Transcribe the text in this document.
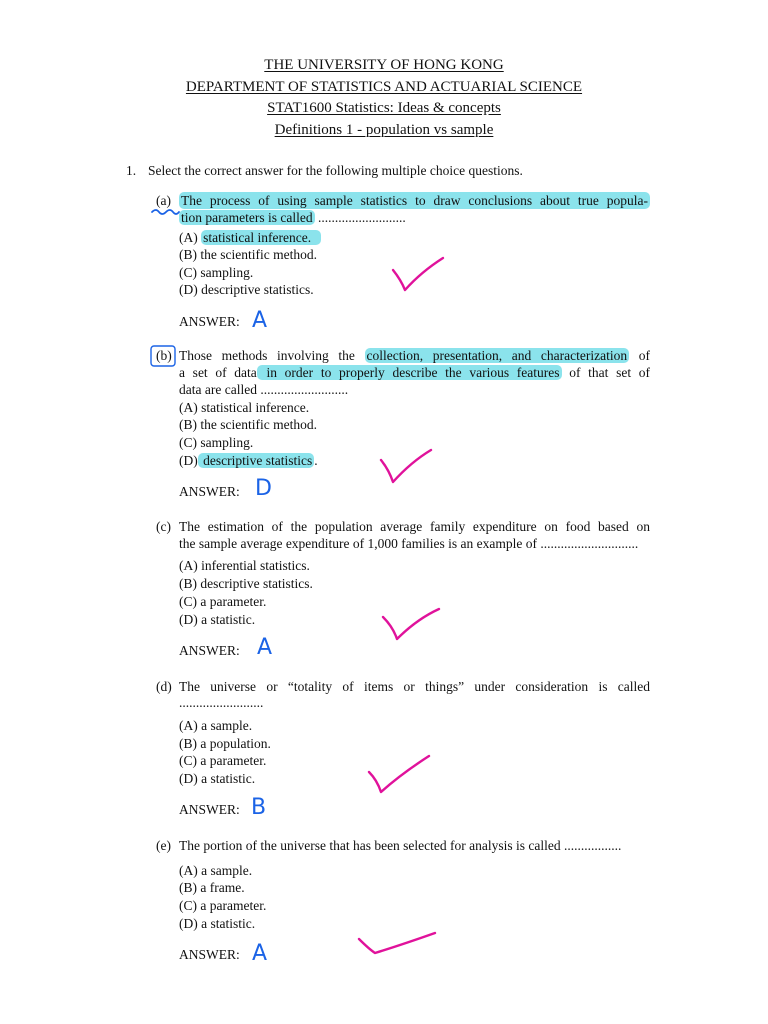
THE UNIVERSITY OF HONG KONG
DEPARTMENT OF STATISTICS AND ACTUARIAL SCIENCE
STAT1600 Statistics: Ideas & concepts
Definitions 1 - population vs sample
1. Select the correct answer for the following multiple choice questions.
(a) The process of using sample statistics to draw conclusions about true popula-
tion parameters is called ..........................
(A) statistical inference.
(B) the scientific method.
(C) sampling.
(D) descriptive statistics.
ANSWER: A
(b) Those methods involving the collection, presentation, and characterization of
a set of data in order to properly describe the various features of that set of
data are called ..........................
(A) statistical inference.
(B) the scientific method.
(C) sampling.
(D) descriptive statistics .
ANSWER: D
(c) The estimation of the population average family expenditure on food based on
the sample average expenditure of 1,000 families is an example of .............................
(A) inferential statistics.
(B) descriptive statistics.
(C) a parameter.
(D) a statistic.
ANSWER: A
(d) The universe or “totality of items or things” under consideration is called
.........................
(A) a sample.
(B) a population.
(C) a parameter.
(D) a statistic.
ANSWER: B
(e) The portion of the universe that has been selected for analysis is called .................
(A) a sample.
(B) a frame.
(C) a parameter.
(D) a statistic.
ANSWER: A
